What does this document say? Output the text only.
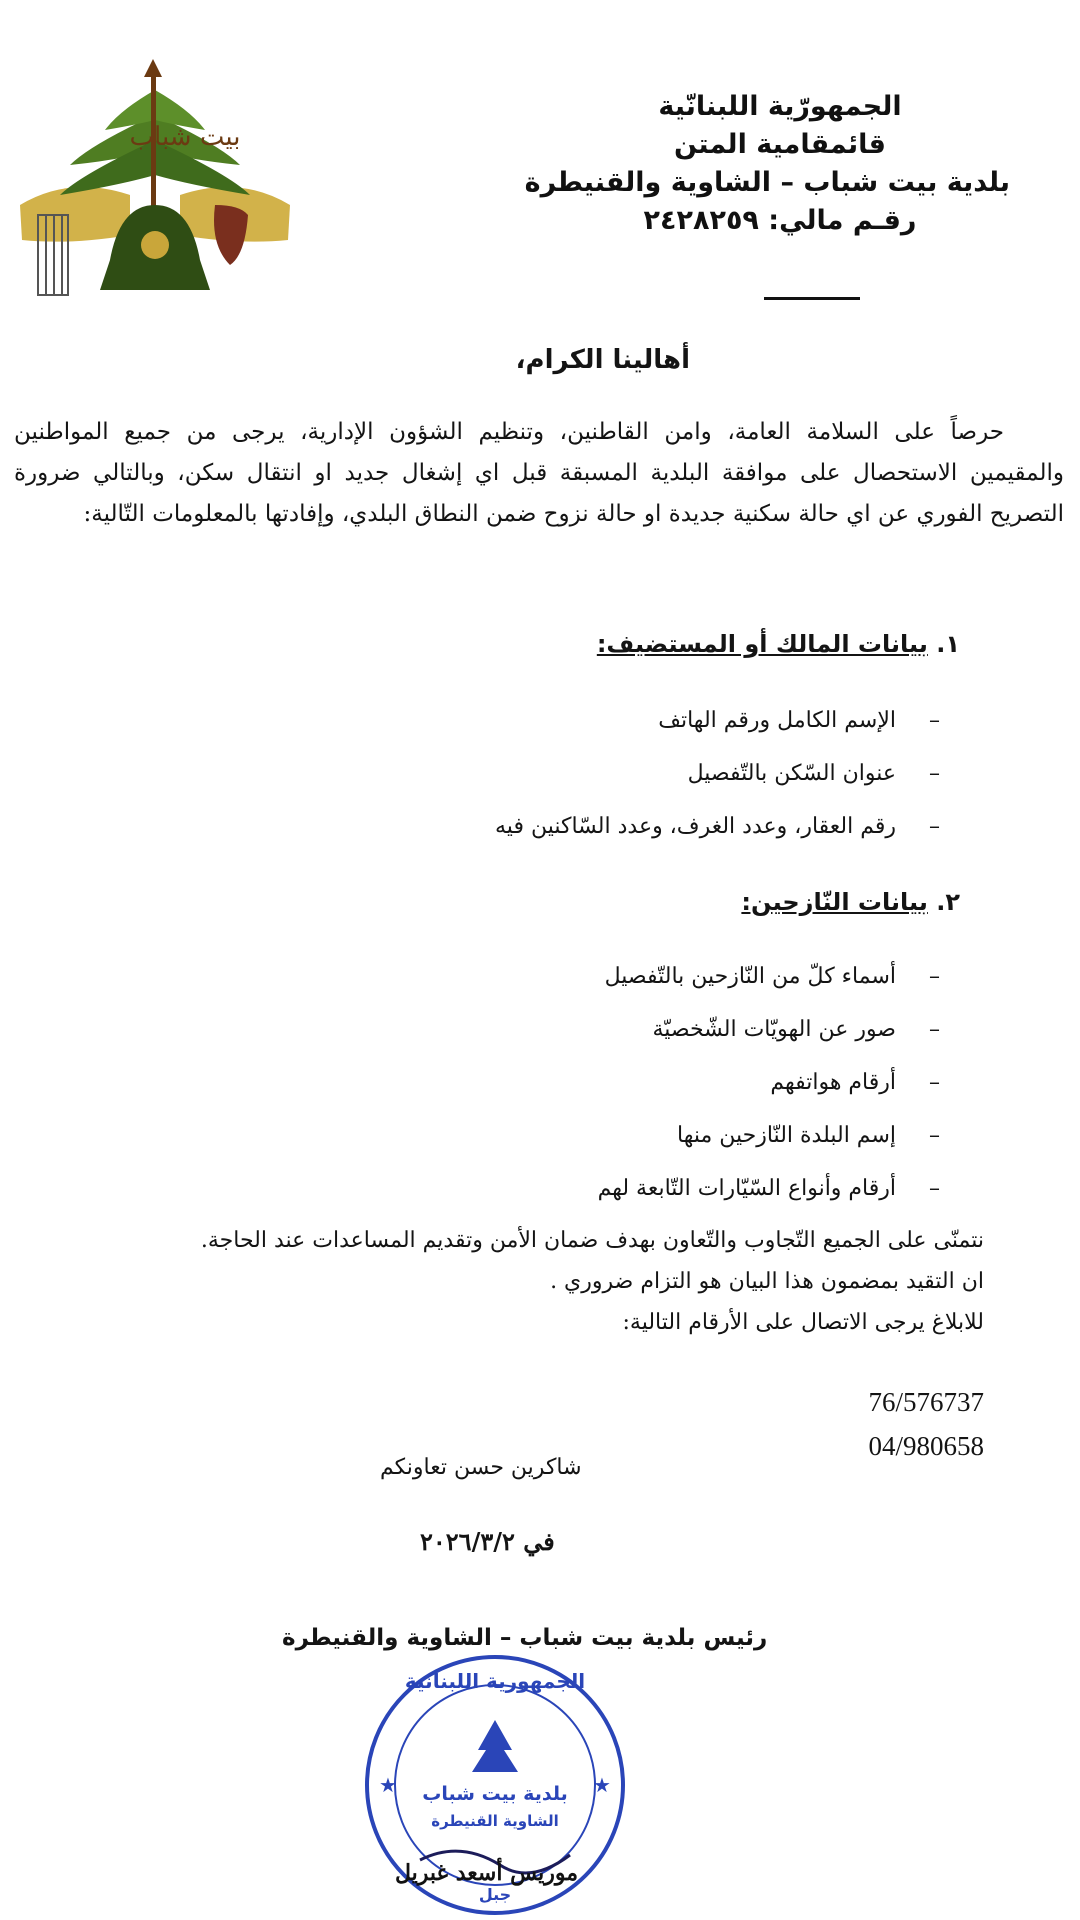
بيت شباب
الجمهورّية اللبنانّية
قائمقامية المتن
بلدية بيت شباب – الشاوية والقنيطرة
رقـم مالي: ٢٤٢٨٢٥٩
أهالينا الكرام،
حرصاً على السلامة العامة، وامن القاطنين، وتنظيم الشؤون الإدارية، يرجى من جميع المواطنين والمقيمين الاستحصال على موافقة البلدية المسبقة قبل اي إشغال جديد او انتقال سكن، وبالتالي ضرورة التصريح الفوري عن اي حالة سكنية جديدة او حالة نزوح ضمن النطاق البلدي، وإفادتها بالمعلومات التّالية:
١. بيانات المالك أو المستضيف:
–الإسم الكامل ورقم الهاتف
–عنوان السّكن بالتّفصيل
–رقم العقار، وعدد الغرف، وعدد السّاكنين فيه
٢. بيانات النّازحين:
–أسماء كلّ من النّازحين بالتّفصيل
–صور عن الهويّات الشّخصيّة
–أرقام هواتفهم
–إسم البلدة النّازحين منها
–أرقام وأنواع السّيّارات التّابعة لهم
نتمنّى على الجميع التّجاوب والتّعاون بهدف ضمان الأمن وتقديم المساعدات عند الحاجة.
ان التقيد بمضمون هذا البيان هو التزام ضروري .
للابلاغ يرجى الاتصال على الأرقام التالية:
76/576737
04/980658
شاكرين حسن تعاونكم
في ٢٠٢٦/٣/٢
الجمهورية اللبنانية
بلدية بيت شباب
الشاوية القنيطرة
جبل
★	★
رئيس بلدية بيت شباب – الشاوية والقنيطرة
موريس أسعد غبريل
